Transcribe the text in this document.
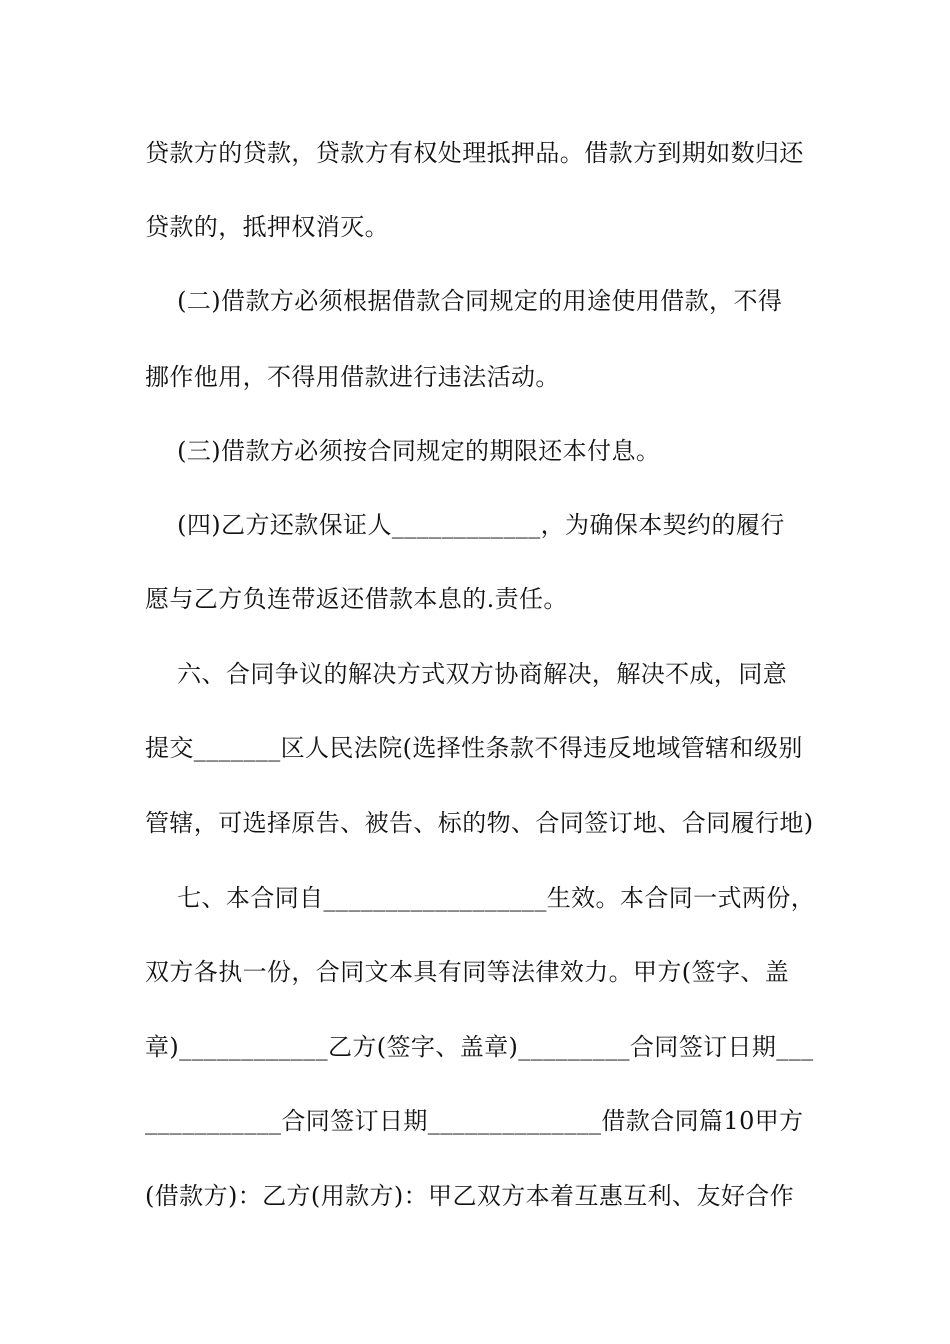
贷款方的贷款，贷款方有权处理抵押品。借款方到期如数归还
贷款的，抵押权消灭。
(二)借款方必须根据借款合同规定的用途使用借款，不得
挪作他用，不得用借款进行违法活动。
(三)借款方必须按合同规定的期限还本付息。
(四)乙方还款保证人____________，为确保本契约的履行
愿与乙方负连带返还借款本息的.责任。
六、合同争议的解决方式双方协商解决，解决不成，同意
提交_______区人民法院(选择性条款不得违反地域管辖和级别
管辖，可选择原告、被告、标的物、合同签订地、合同履行地)
七、本合同自__________________生效。本合同一式两份，
双方各执一份，合同文本具有同等法律效力。甲方(签字、盖
章)____________乙方(签字、盖章)_________合同签订日期___
___________合同签订日期______________借款合同篇10甲方
(借款方)：乙方(用款方)：甲乙双方本着互惠互利、友好合作
